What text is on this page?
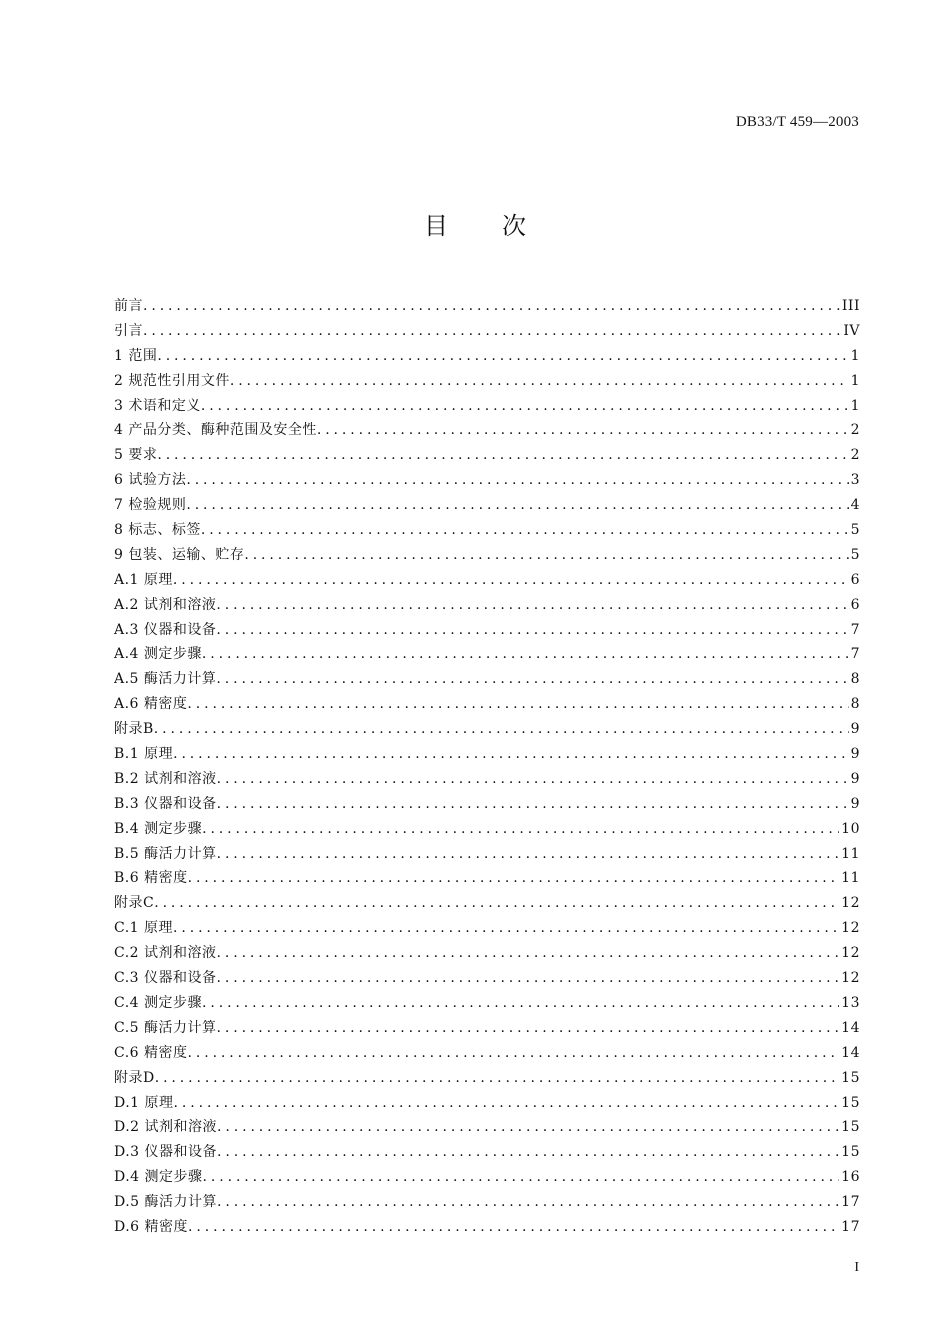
DB33/T 459—2003
目次
前言 .....	III
引言 .....	IV
1 范围 .....	1
2 规范性引用文件 .....	1
3 术语和定义 .....	1
4 产品分类、酶种范围及安全性 .....	2
5 要求 .....	2
6 试验方法 .....	3
7 检验规则 .....	4
8 标志、标签 .....	5
9 包装、运输、贮存 .....	5
A.1 原理 .....	6
A.2 试剂和溶液 .....	6
A.3 仪器和设备 .....	7
A.4 测定步骤 .....	7
A.5 酶活力计算 .....	8
A.6 精密度 .....	8
附录B .....	9
B.1 原理 .....	9
B.2 试剂和溶液 .....	9
B.3 仪器和设备 .....	9
B.4 测定步骤 .....	10
B.5 酶活力计算 .....	11
B.6 精密度 .....	11
附录C .....	12
C.1 原理 .....	12
C.2 试剂和溶液 .....	12
C.3 仪器和设备 .....	12
C.4 测定步骤 .....	13
C.5 酶活力计算 .....	14
C.6 精密度 .....	14
附录D .....	15
D.1 原理 .....	15
D.2 试剂和溶液 .....	15
D.3 仪器和设备 .....	15
D.4 测定步骤 .....	16
D.5 酶活力计算 .....	17
D.6 精密度 .....	17
I
